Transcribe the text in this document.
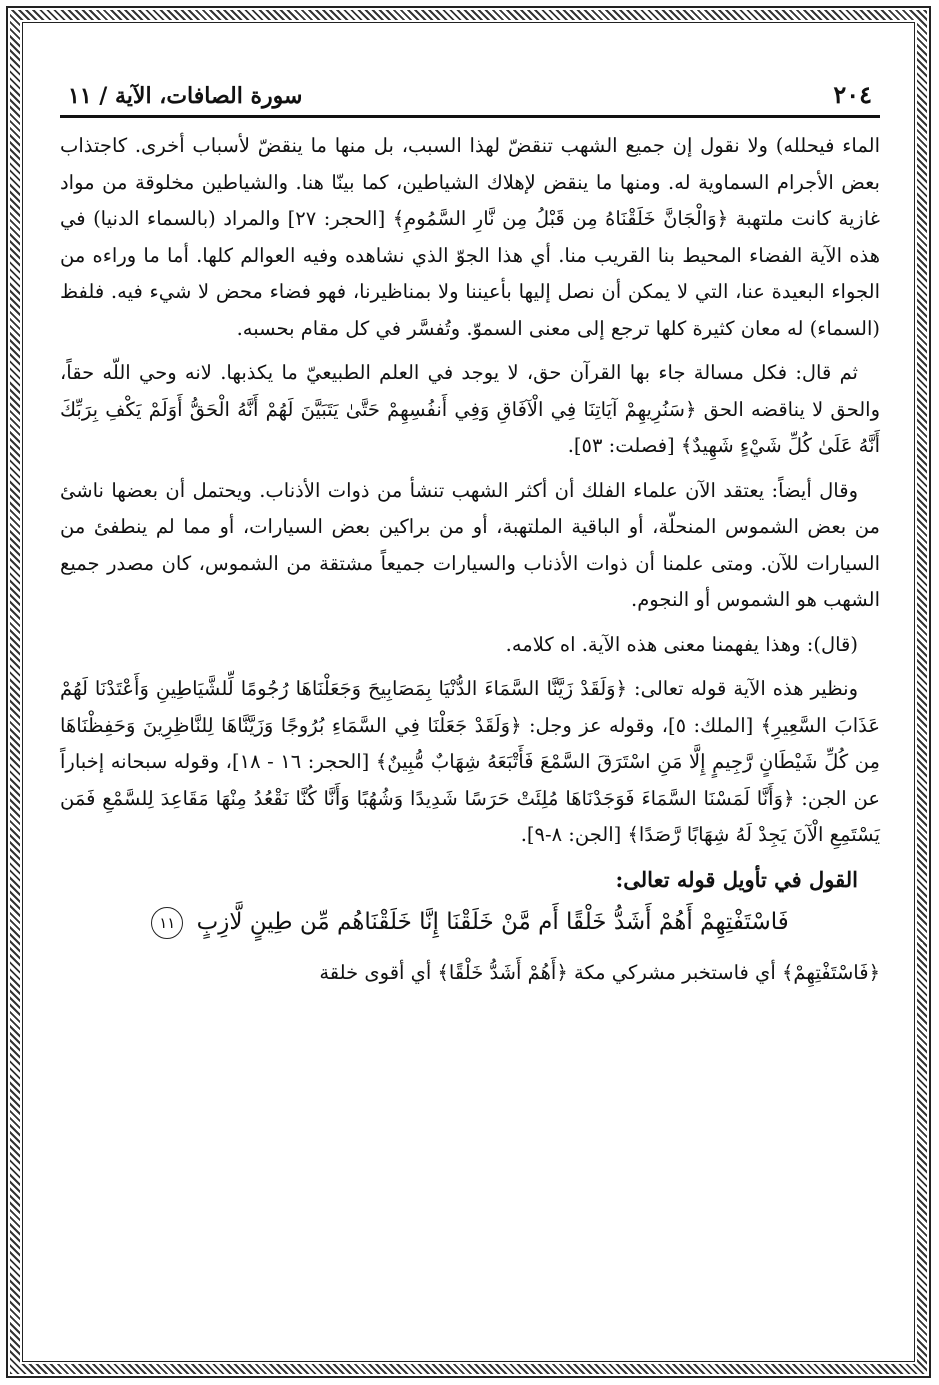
٢٠٤
سورة الصافات، الآية / ١١

الماء فيحلله) ولا نقول إن جميع الشهب تنقضّ لهذا السبب، بل منها ما ينقضّ لأسباب أخرى. كاجتذاب بعض الأجرام السماوية له. ومنها ما ينقض لإهلاك الشياطين، كما بينّا هنا. والشياطين مخلوقة من مواد غازية كانت ملتهبة ﴿وَالْجَانَّ خَلَقْنَاهُ مِن قَبْلُ مِن نَّارِ السَّمُومِ﴾ [الحجر: ٢٧] والمراد (بالسماء الدنيا) في هذه الآية الفضاء المحيط بنا القريب منا. أي هذا الجوّ الذي نشاهده وفيه العوالم كلها. أما ما وراءه من الجواء البعيدة عنا، التي لا يمكن أن نصل إليها بأعيننا ولا بمناظيرنا، فهو فضاء محض لا شيء فيه. فلفظ (السماء) له معان كثيرة كلها ترجع إلى معنى السموّ. وتُفسَّر في كل مقام بحسبه.

ثم قال: فكل مسالة جاء بها القرآن حق، لا يوجد في العلم الطبيعيّ ما يكذبها. لانه وحي اللّه حقاً، والحق لا يناقضه الحق ﴿سَنُرِيهِمْ آيَاتِنَا فِي الْآفَاقِ وَفِي أَنفُسِهِمْ حَتَّىٰ يَتَبَيَّنَ لَهُمْ أَنَّهُ الْحَقُّ أَوَلَمْ يَكْفِ بِرَبِّكَ أَنَّهُ عَلَىٰ كُلِّ شَيْءٍ شَهِيدٌ﴾ [فصلت: ٥٣].

وقال أيضاً: يعتقد الآن علماء الفلك أن أكثر الشهب تنشأ من ذوات الأذناب. ويحتمل أن بعضها ناشئ من بعض الشموس المنحلّة، أو الباقية الملتهبة، أو من براكين بعض السيارات، أو مما لم ينطفئ من السيارات للآن. ومتى علمنا أن ذوات الأذناب والسيارات جميعاً مشتقة من الشموس، كان مصدر جميع الشهب هو الشموس أو النجوم.

(قال): وهذا يفهمنا معنى هذه الآية. اه كلامه.

ونظير هذه الآية قوله تعالى: ﴿وَلَقَدْ زَيَّنَّا السَّمَاءَ الدُّنْيَا بِمَصَابِيحَ وَجَعَلْنَاهَا رُجُومًا لِّلشَّيَاطِينِ وَأَعْتَدْنَا لَهُمْ عَذَابَ السَّعِيرِ﴾ [الملك: ٥]، وقوله عز وجل: ﴿وَلَقَدْ جَعَلْنَا فِي السَّمَاءِ بُرُوجًا وَزَيَّنَّاهَا لِلنَّاظِرِينَ وَحَفِظْنَاهَا مِن كُلِّ شَيْطَانٍ رَّجِيمٍ إِلَّا مَنِ اسْتَرَقَ السَّمْعَ فَأَتْبَعَهُ شِهَابٌ مُّبِينٌ﴾ [الحجر: ١٦ - ١٨]، وقوله سبحانه إخباراً عن الجن: ﴿وَأَنَّا لَمَسْنَا السَّمَاءَ فَوَجَدْنَاهَا مُلِئَتْ حَرَسًا شَدِيدًا وَشُهُبًا وَأَنَّا كُنَّا نَقْعُدُ مِنْهَا مَقَاعِدَ لِلسَّمْعِ فَمَن يَسْتَمِعِ الْآنَ يَجِدْ لَهُ شِهَابًا رَّصَدًا﴾ [الجن: ٨-٩].

القول في تأويل قوله تعالى:
فَاسْتَفْتِهِمْ أَهُمْ أَشَدُّ خَلْقًا أَم مَّنْ خَلَقْنَا إِنَّا خَلَقْنَاهُم مِّن طِينٍ لَّازِبٍ ١١

﴿فَاسْتَفْتِهِمْ﴾ أي فاستخبر مشركي مكة ﴿أَهُمْ أَشَدُّ خَلْقًا﴾ أي أقوى خلقة
